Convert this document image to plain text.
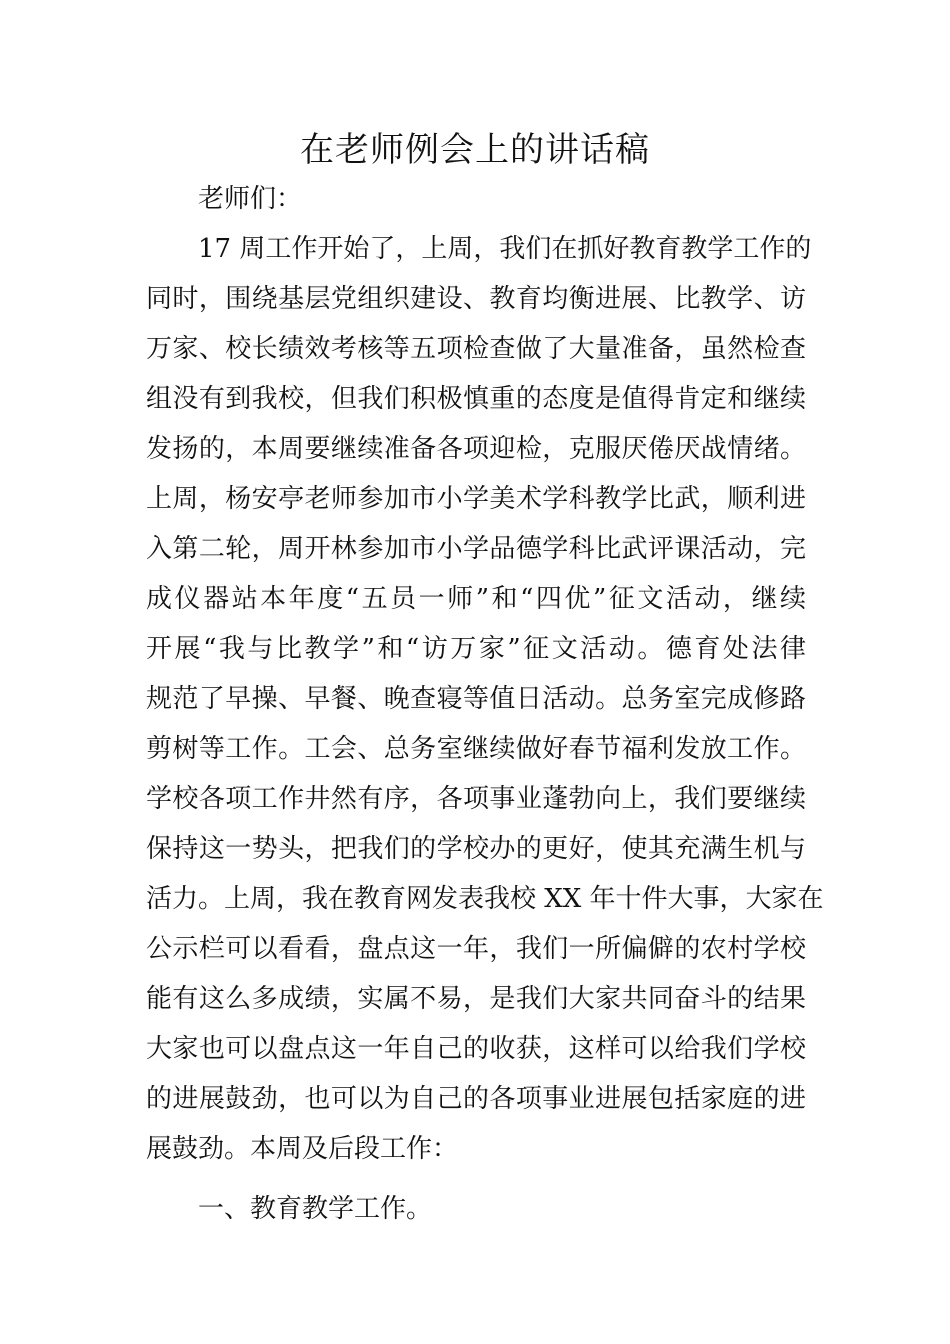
在老师例会上的讲话稿
老师们：
17 周工作开始了，上周，我们在抓好教育教学工作的
同时，围绕基层党组织建设、教育均衡进展、比教学、访
万家、校长绩效考核等五项检查做了大量准备，虽然检查
组没有到我校，但我们积极慎重的态度是值得肯定和继续
发扬的，本周要继续准备各项迎检，克服厌倦厌战情绪。
上周，杨安亭老师参加市小学美术学科教学比武，顺利进
入第二轮，周开林参加市小学品德学科比武评课活动，完
成仪器站本年度“五员一师”和“四优”征文活动，继续
开展“我与比教学”和“访万家”征文活动。德育处法律
规范了早操、早餐、晚查寝等值日活动。总务室完成修路
剪树等工作。工会、总务室继续做好春节福利发放工作。
学校各项工作井然有序，各项事业蓬勃向上，我们要继续
保持这一势头，把我们的学校办的更好，使其充满生机与
活力。上周，我在教育网发表我校 XX 年十件大事，大家在
公示栏可以看看，盘点这一年，我们一所偏僻的农村学校
能有这么多成绩，实属不易，是我们大家共同奋斗的结果
大家也可以盘点这一年自己的收获，这样可以给我们学校
的进展鼓劲，也可以为自己的各项事业进展包括家庭的进
展鼓劲。本周及后段工作：
一、教育教学工作。
